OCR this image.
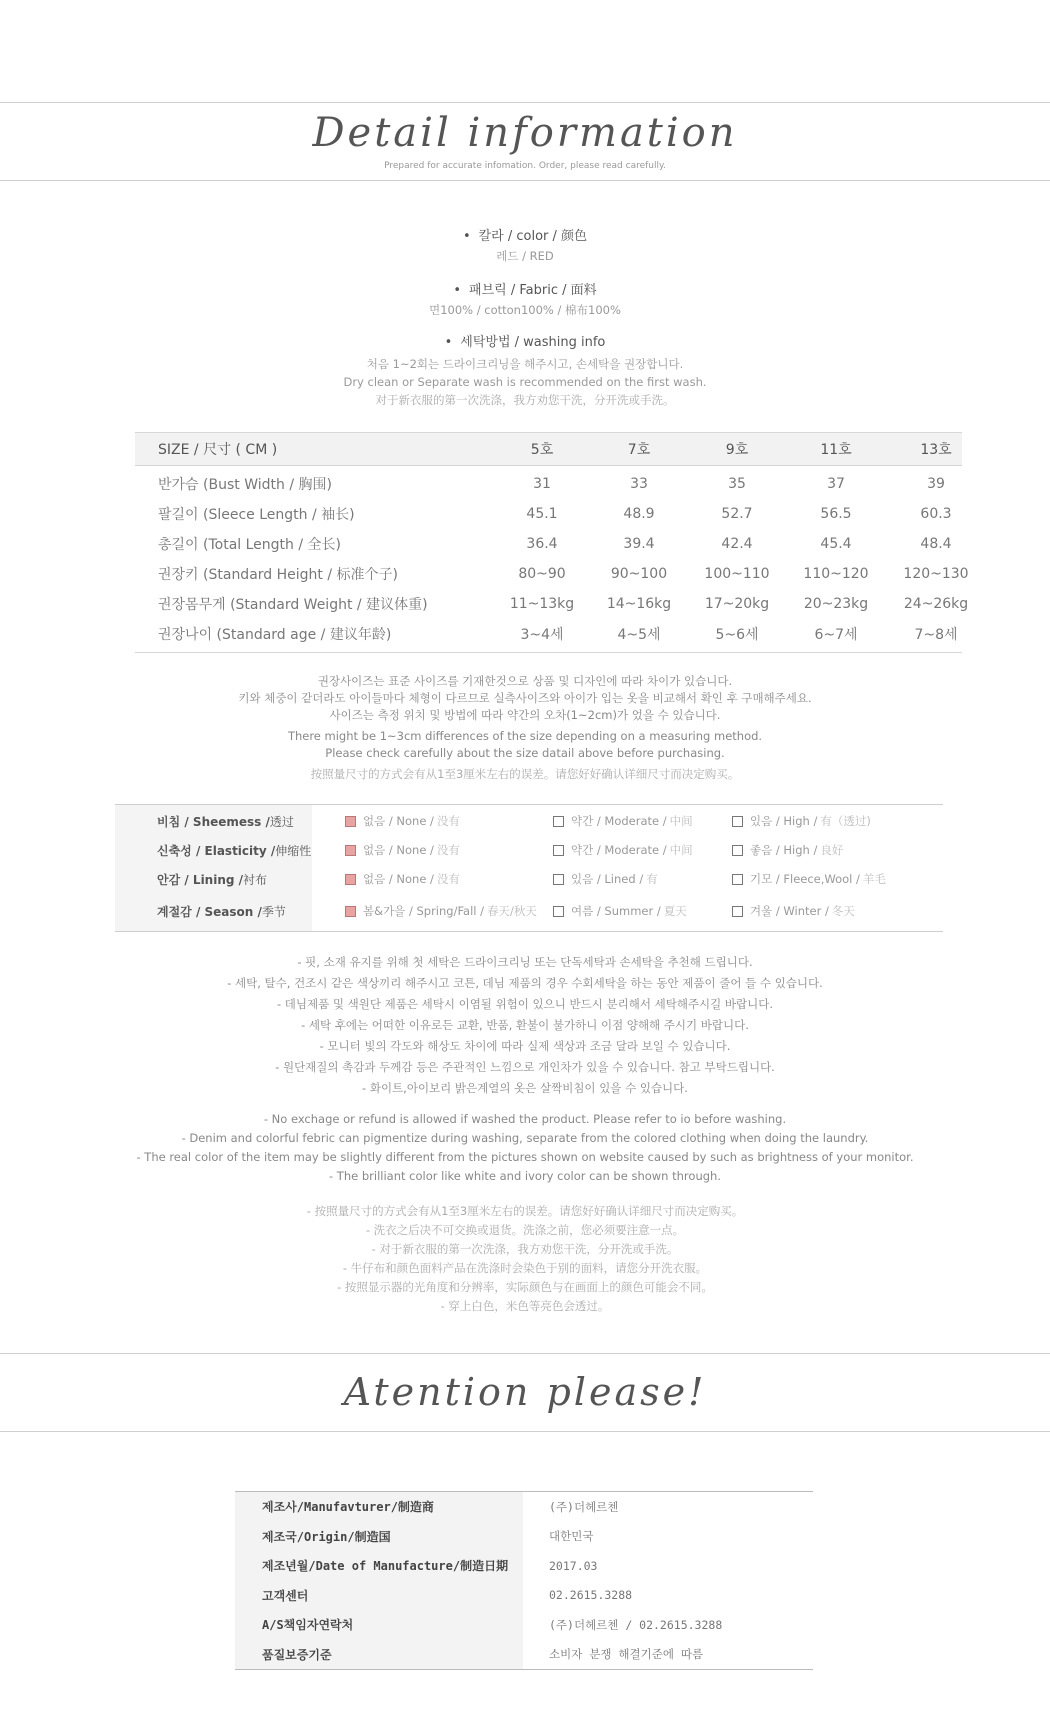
Detail information
Prepared for accurate infomation. Order, please read carefully.
• 칼라 / color / 颜色
레드 / RED
• 패브릭 / Fabric / 面料
면100% / cotton100% / 棉布100%
• 세탁방법 / washing info
처음 1~2회는 드라이크리닝을 해주시고, 손세탁을 권장합니다.
Dry clean or Separate wash is recommended on the first wash.
对于新衣服的第一次洗涤，我方劝您干洗，分开洗或手洗。
SIZE / 尺寸 ( CM )	5호	7호	9호	11호	13호
반가슴 (Bust Width / 胸围)	31	33	35	37	39
팔길이 (Sleece Length / 袖长)	45.1	48.9	52.7	56.5	60.3
총길이 (Total Length / 全长)	36.4	39.4	42.4	45.4	48.4
권장키 (Standard Height / 标准个子)	80~90	90~100	100~110	110~120	120~130
권장몸무게 (Standard Weight / 建议体重)	11~13kg	14~16kg	17~20kg	20~23kg	24~26kg
권장나이 (Standard age / 建议年龄)	3~4세	4~5세	5~6세	6~7세	7~8세
권장사이즈는 표준 사이즈를 기재한것으로 상품 및 디자인에 따라 차이가 있습니다.
키와 체중이 같더라도 아이들마다 체형이 다르므로 실측사이즈와 아이가 입는 옷을 비교해서 확인 후 구매해주세요.
사이즈는 측정 위치 및 방법에 따라 약간의 오차(1~2cm)가 었을 수 있습니다.
There might be 1~3cm differences of the size depending on a measuring method.
Please check carefully about the size datail above before purchasing.
按照量尺寸的方式会有从1至3厘米左右的误差。请您好好确认详细尺寸而决定购买。
비침 / Sheemess / 透过	없음 / None / 没有	약간 / Moderate / 中间	있음 / High / 有（透过)
신축성 / Elasticity / 伸缩性	없음 / None / 没有	약간 / Moderate / 中间	좋음 / High / 良好
안감 / Lining / 衬布	없음 / None / 没有	있음 / Lined / 有	기모 / Fleece,Wool / 羊毛
계절감 / Season / 季节	봄&가을 / Spring/Fall / 春天/秋天	여름 / Summer / 夏天	겨울 / Winter / 冬天
- 핏, 소재 유지를 위해 첫 세탁은 드라이크리닝 또는 단독세탁과 손세탁을 추천해 드립니다.
- 세탁, 탈수, 건조시 같은 색상끼리 해주시고 코튼, 데님 제품의 경우 수회세탁을 하는 동안 제품이 줄어 들 수 있습니다.
- 데님제품 및 색원단 제품은 세탁시 이염될 위험이 있으니 반드시 분리해서 세탁해주시길 바랍니다.
- 세탁 후에는 어떠한 이유로든 교환, 반품, 환불이 불가하니 이점 양해해 주시기 바랍니다.
- 모니터 빛의 각도와 해상도 차이에 따라 실제 색상과 조금 달라 보일 수 있습니다.
- 원단재질의 촉감과 두께감 등은 주관적인 느낌으로 개인차가 있을 수 있습니다. 참고 부탁드립니다.
- 화이트,아이보리 밝은계열의 옷은 살짝비침이 있을 수 있습니다.
- No exchage or refund is allowed if washed the product. Please refer to io before washing.
- Denim and colorful febric can pigmentize during washing, separate from the colored clothing when doing the laundry.
- The real color of the item may be slightly different from the pictures shown on website caused by such as brightness of your monitor.
- The brilliant color like white and ivory color can be shown through.
- 按照量尺寸的方式会有从1至3厘米左右的误差。请您好好确认详细尺寸而决定购买。
- 洗衣之后决不可交换或退货。洗涤之前，您必须要注意一点。
- 对于新衣服的第一次洗涤，我方劝您干洗，分开洗或手洗。
- 牛仔布和颜色面料产品在洗涤时会染色于别的面料，请您分开洗衣服。
- 按照显示器的光角度和分辨率，实际颜色与在画面上的颜色可能会不同。
- 穿上白色，米色等亮色会透过。
Atention please!
제조사/Manufavturer/制造商	(주)더헤르첸
제조국/Origin/制造国	대한민국
제조년월/Date of Manufacture/制造日期	2017.03
고객센터	02.2615.3288
A/S책임자연락처	(주)더헤르첸 / 02.2615.3288
품질보증기준	소비자 분쟁 해결기준에 따름
